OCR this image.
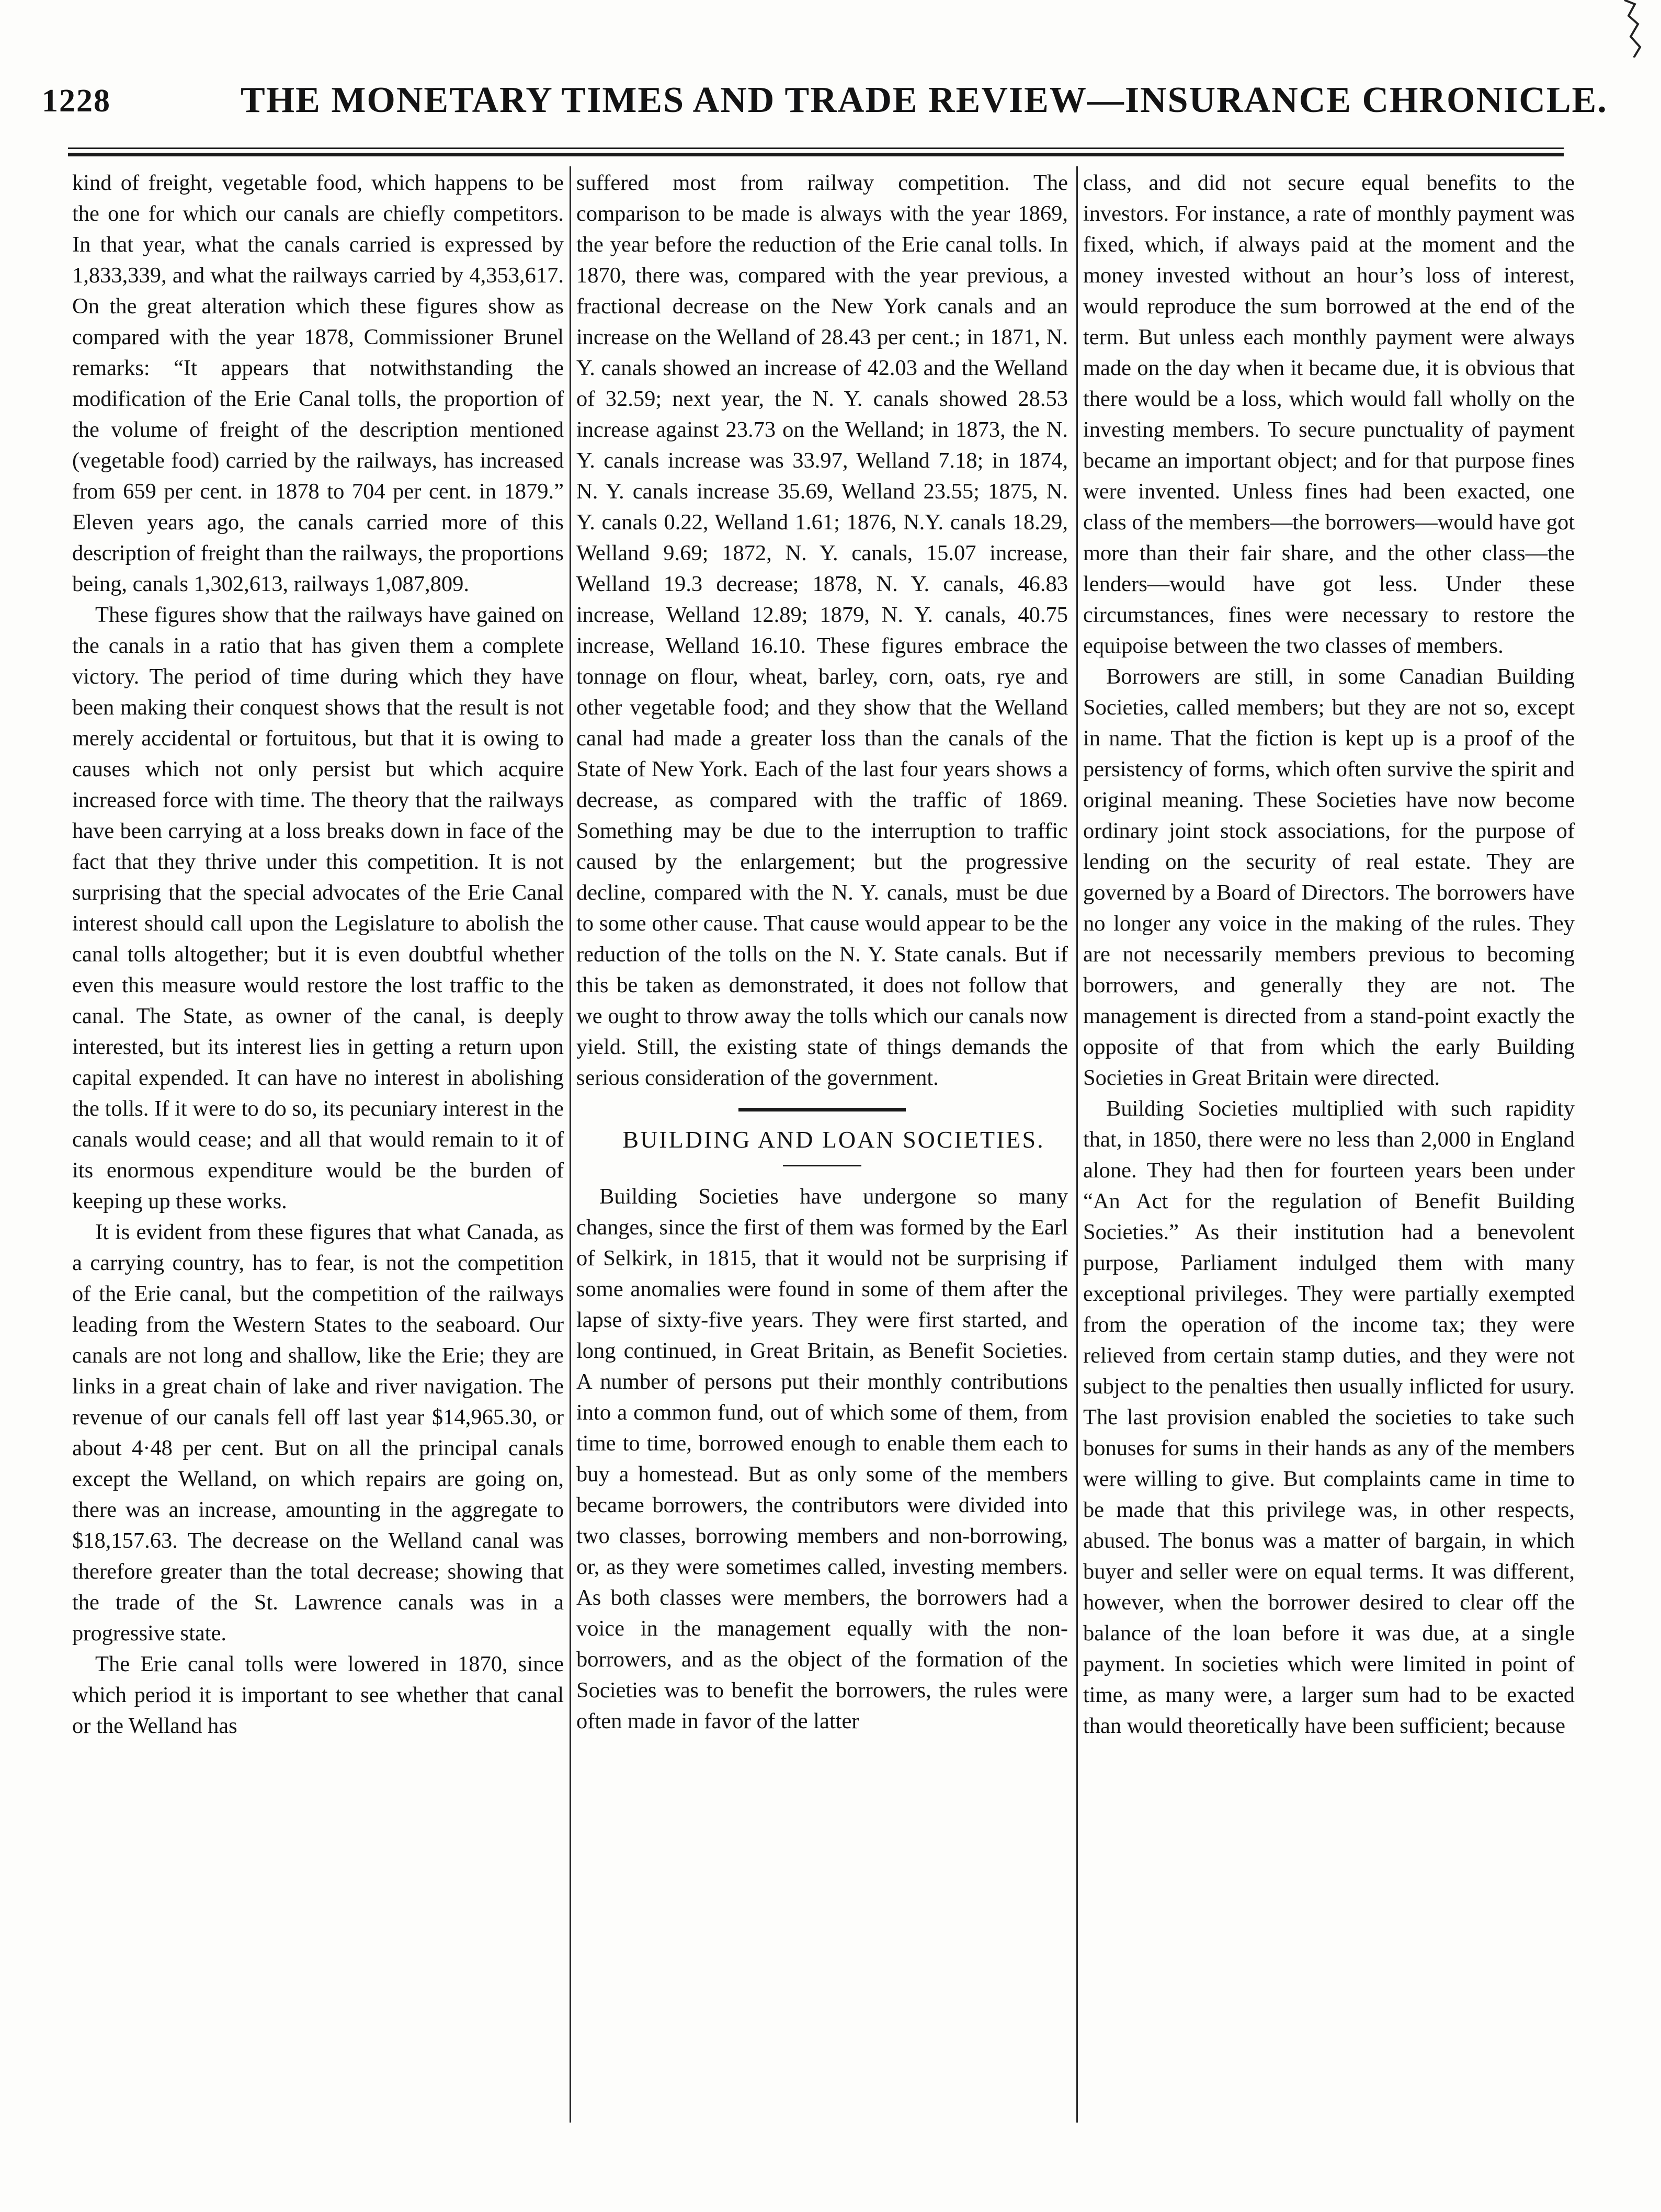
1228	THE MONETARY TIMES AND TRADE REVIEW—INSURANCE CHRONICLE.

kind of freight, vegetable food, which happens to be the one for which our canals are chiefly competitors. In that year, what the canals carried is expressed by 1,833,339, and what the railways carried by 4,353,617. On the great alteration which these figures show as compared with the year 1878, Commissioner Brunel remarks: “It appears that notwithstanding the modification of the Erie Canal tolls, the proportion of the volume of freight of the description mentioned (vegetable food) carried by the railways, has increased from 659 per cent. in 1878 to 704 per cent. in 1879.” Eleven years ago, the canals carried more of this description of freight than the railways, the proportions being, canals 1,302,613, railways 1,087,809.

These figures show that the railways have gained on the canals in a ratio that has given them a complete victory. The period of time during which they have been making their conquest shows that the result is not merely accidental or fortuitous, but that it is owing to causes which not only persist but which acquire increased force with time. The theory that the railways have been carrying at a loss breaks down in face of the fact that they thrive under this competition. It is not surprising that the special advocates of the Erie Canal interest should call upon the Legislature to abolish the canal tolls altogether; but it is even doubtful whether even this measure would restore the lost traffic to the canal. The State, as owner of the canal, is deeply interested, but its interest lies in getting a return upon capital expended. It can have no interest in abolishing the tolls. If it were to do so, its pecuniary interest in the canals would cease; and all that would remain to it of its enormous expenditure would be the burden of keeping up these works.

It is evident from these figures that what Canada, as a carrying country, has to fear, is not the competition of the Erie canal, but the competition of the railways leading from the Western States to the seaboard. Our canals are not long and shallow, like the Erie; they are links in a great chain of lake and river navigation. The revenue of our canals fell off last year $14,965.30, or about 4·48 per cent. But on all the principal canals except the Welland, on which repairs are going on, there was an increase, amounting in the aggregate to $18,157.63. The decrease on the Welland canal was therefore greater than the total decrease; showing that the trade of the St. Lawrence canals was in a progressive state.

The Erie canal tolls were lowered in 1870, since which period it is important to see whether that canal or the Welland has

suffered most from railway competition. The comparison to be made is always with the year 1869, the year before the reduction of the Erie canal tolls. In 1870, there was, compared with the year previous, a fractional decrease on the New York canals and an increase on the Welland of 28.43 per cent.; in 1871, N. Y. canals showed an increase of 42.03 and the Welland of 32.59; next year, the N. Y. canals showed 28.53 increase against 23.73 on the Welland; in 1873, the N. Y. canals increase was 33.97, Welland 7.18; in 1874, N. Y. canals increase 35.69, Welland 23.55; 1875, N. Y. canals 0.22, Welland 1.61; 1876, N.Y. canals 18.29, Welland 9.69; 1872, N. Y. canals, 15.07 increase, Welland 19.3 decrease; 1878, N. Y. canals, 46.83 increase, Welland 12.89; 1879, N. Y. canals, 40.75 increase, Welland 16.10. These figures embrace the tonnage on flour, wheat, barley, corn, oats, rye and other vegetable food; and they show that the Welland canal had made a greater loss than the canals of the State of New York. Each of the last four years shows a decrease, as compared with the traffic of 1869. Something may be due to the interruption to traffic caused by the enlargement; but the progressive decline, compared with the N. Y. canals, must be due to some other cause. That cause would appear to be the reduction of the tolls on the N. Y. State canals. But if this be taken as demonstrated, it does not follow that we ought to throw away the tolls which our canals now yield. Still, the existing state of things demands the serious consideration of the government.

BUILDING AND LOAN SOCIETIES.

Building Societies have undergone so many changes, since the first of them was formed by the Earl of Selkirk, in 1815, that it would not be surprising if some anomalies were found in some of them after the lapse of sixty-five years. They were first started, and long continued, in Great Britain, as Benefit Societies. A number of persons put their monthly contributions into a common fund, out of which some of them, from time to time, borrowed enough to enable them each to buy a homestead. But as only some of the members became borrowers, the contributors were divided into two classes, borrowing members and non-borrowing, or, as they were sometimes called, investing members. As both classes were members, the borrowers had a voice in the management equally with the non-borrowers, and as the object of the formation of the Societies was to benefit the borrowers, the rules were often made in favor of the latter

class, and did not secure equal benefits to the investors. For instance, a rate of monthly payment was fixed, which, if always paid at the moment and the money invested without an hour’s loss of interest, would reproduce the sum borrowed at the end of the term. But unless each monthly payment were always made on the day when it became due, it is obvious that there would be a loss, which would fall wholly on the investing members. To secure punctuality of payment became an important object; and for that purpose fines were invented. Unless fines had been exacted, one class of the members—the borrowers—would have got more than their fair share, and the other class—the lenders—would have got less. Under these circumstances, fines were necessary to restore the equipoise between the two classes of members.

Borrowers are still, in some Canadian Building Societies, called members; but they are not so, except in name. That the fiction is kept up is a proof of the persistency of forms, which often survive the spirit and original meaning. These Societies have now become ordinary joint stock associations, for the purpose of lending on the security of real estate. They are governed by a Board of Directors. The borrowers have no longer any voice in the making of the rules. They are not necessarily members previous to becoming borrowers, and generally they are not. The management is directed from a stand-point exactly the opposite of that from which the early Building Societies in Great Britain were directed.

Building Societies multiplied with such rapidity that, in 1850, there were no less than 2,000 in England alone. They had then for fourteen years been under “An Act for the regulation of Benefit Building Societies.” As their institution had a benevolent purpose, Parliament indulged them with many exceptional privileges. They were partially exempted from the operation of the income tax; they were relieved from certain stamp duties, and they were not subject to the penalties then usually inflicted for usury. The last provision enabled the societies to take such bonuses for sums in their hands as any of the members were willing to give. But complaints came in time to be made that this privilege was, in other respects, abused. The bonus was a matter of bargain, in which buyer and seller were on equal terms. It was different, however, when the borrower desired to clear off the balance of the loan before it was due, at a single payment. In societies which were limited in point of time, as many were, a larger sum had to be exacted than would theoretically have been sufficient; because
